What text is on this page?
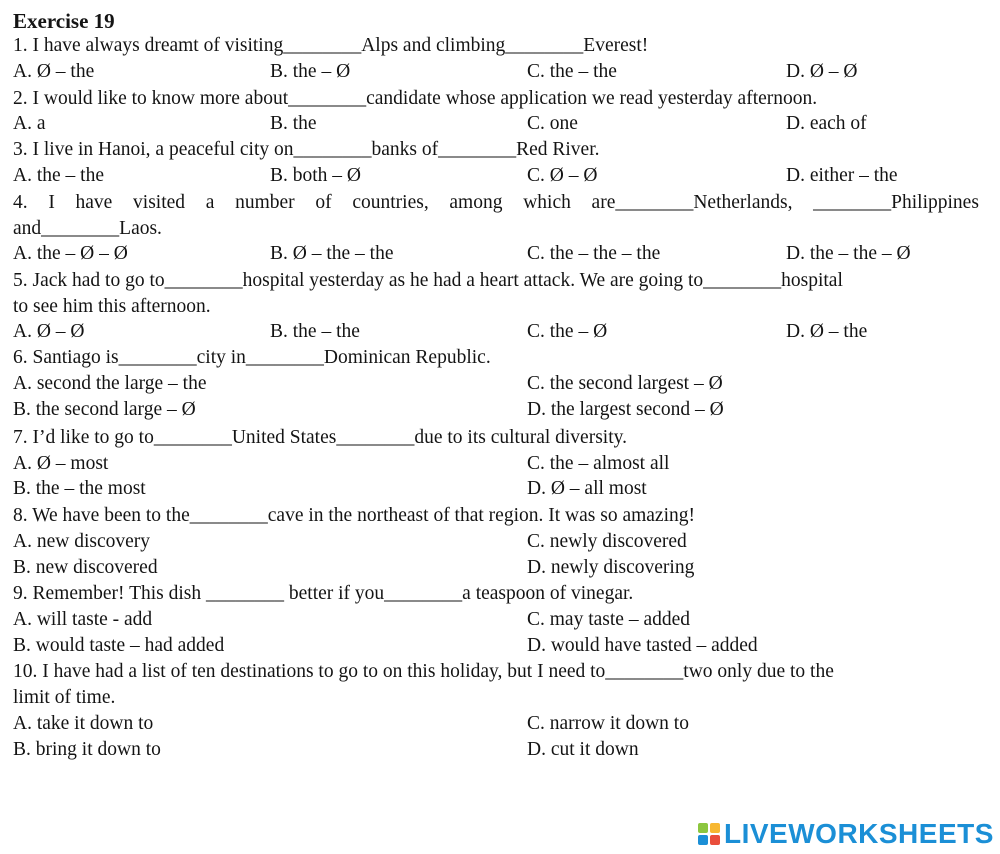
Exercise 19
1. I have always dreamt of visiting________Alps and climbing________Everest!
A. Ø – the	B. the – Ø	C. the – the	D. Ø – Ø
2. I would like to know more about________candidate whose application we read yesterday afternoon.
A. a	B. the	C. one	D. each of
3. I live in Hanoi, a peaceful city on________banks of________Red River.
A. the – the	B. both – Ø	C. Ø – Ø	D. either – the
4. I have visited a number of countries, among which are________Netherlands, ________Philippines
and________Laos.
A. the – Ø – Ø	B. Ø – the – the	C. the – the – the	D. the – the – Ø
5. Jack had to go to________hospital yesterday as he had a heart attack. We are going to________hospital
to see him this afternoon.
A. Ø – Ø	B. the – the	C. the – Ø	D. Ø – the
6. Santiago is________city in________Dominican Republic.
A. second the large – the	C. the second largest – Ø
B. the second large – Ø	D. the largest second – Ø
7. I’d like to go to________United States________due to its cultural diversity.
A. Ø – most	C. the – almost all
B. the – the most	D. Ø – all most
8. We have been to the________cave in the northeast of that region. It was so amazing!
A. new discovery	C. newly discovered
B. new discovered	D. newly discovering
9. Remember! This dish ________ better if you________a teaspoon of vinegar.
A. will taste - add	C. may taste – added
B. would taste – had added	D. would have tasted – added
10. I have had a list of ten destinations to go to on this holiday, but I need to________two only due to the
limit of time.
A. take it down to	C. narrow it down to
B. bring it down to	D. cut it down
LIVEWORKSHEETS
